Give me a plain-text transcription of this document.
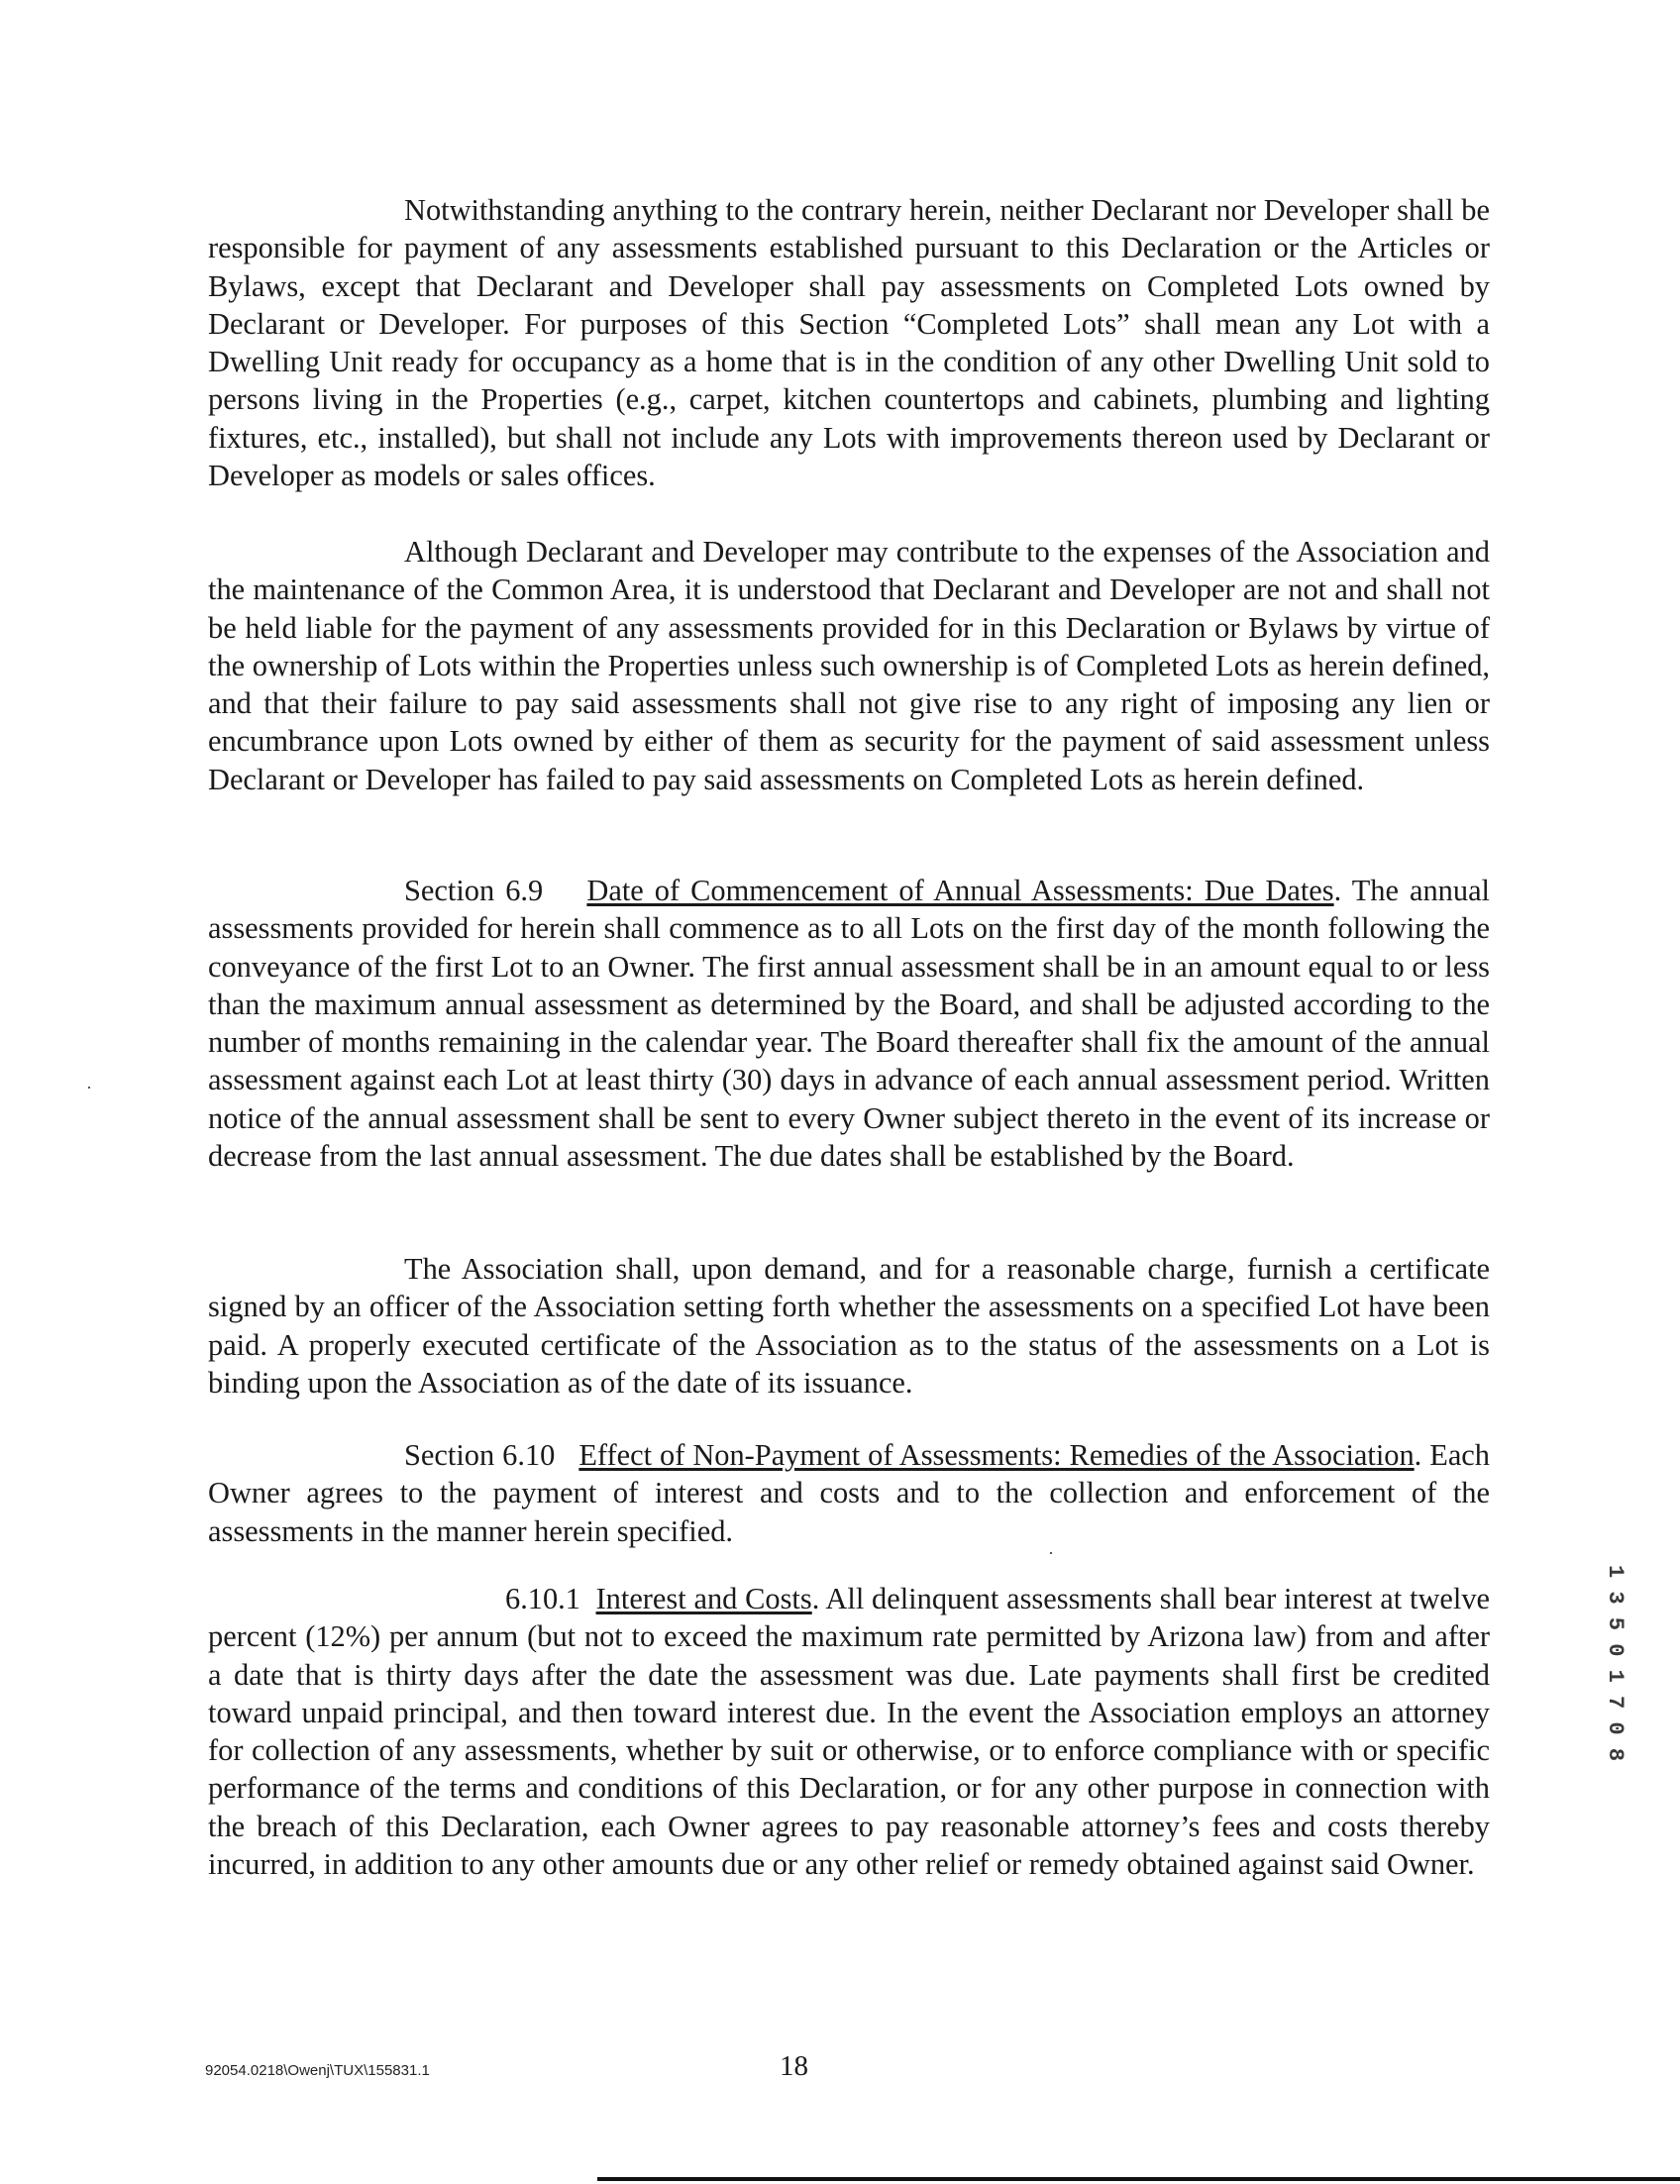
Notwithstanding anything to the contrary herein, neither Declarant nor Developer shall be responsible for payment of any assessments established pursuant to this Declaration or the Articles or Bylaws, except that Declarant and Developer shall pay assessments on Completed Lots owned by Declarant or Developer. For purposes of this Section “Completed Lots” shall mean any Lot with a Dwelling Unit ready for occupancy as a home that is in the condition of any other Dwelling Unit sold to persons living in the Properties (e.g., carpet, kitchen countertops and cabinets, plumbing and lighting fixtures, etc., installed), but shall not include any Lots with improvements thereon used by Declarant or Developer as models or sales offices.

Although Declarant and Developer may contribute to the expenses of the Association and the maintenance of the Common Area, it is understood that Declarant and Developer are not and shall not be held liable for the payment of any assessments provided for in this Declaration or Bylaws by virtue of the ownership of Lots within the Properties unless such ownership is of Completed Lots as herein defined, and that their failure to pay said assessments shall not give rise to any right of imposing any lien or encumbrance upon Lots owned by either of them as security for the payment of said assessment unless Declarant or Developer has failed to pay said assessments on Completed Lots as herein defined.

Section 6.9 Date of Commencement of Annual Assessments: Due Dates. The annual assessments provided for herein shall commence as to all Lots on the first day of the month following the conveyance of the first Lot to an Owner. The first annual assessment shall be in an amount equal to or less than the maximum annual assessment as determined by the Board, and shall be adjusted according to the number of months remaining in the calendar year. The Board thereafter shall fix the amount of the annual assessment against each Lot at least thirty (30) days in advance of each annual assessment period. Written notice of the annual assessment shall be sent to every Owner subject thereto in the event of its increase or decrease from the last annual assessment. The due dates shall be established by the Board.

The Association shall, upon demand, and for a reasonable charge, furnish a certificate signed by an officer of the Association setting forth whether the assessments on a specified Lot have been paid. A properly executed certificate of the Association as to the status of the assessments on a Lot is binding upon the Association as of the date of its issuance.

Section 6.10 Effect of Non-Payment of Assessments: Remedies of the Association. Each Owner agrees to the payment of interest and costs and to the collection and enforcement of the assessments in the manner herein specified.

6.10.1 Interest and Costs. All delinquent assessments shall bear interest at twelve percent (12%) per annum (but not to exceed the maximum rate permitted by Arizona law) from and after a date that is thirty days after the date the assessment was due. Late payments shall first be credited toward unpaid principal, and then toward interest due. In the event the Association employs an attorney for collection of any assessments, whether by suit or otherwise, or to enforce compliance with or specific performance of the terms and conditions of this Declaration, or for any other purpose in connection with the breach of this Declaration, each Owner agrees to pay reasonable attorney’s fees and costs thereby incurred, in addition to any other amounts due or any other relief or remedy obtained against said Owner.

92054.0218\Owenj\TUX\155831.1	18
1 3 5 0 1 7 0 8
